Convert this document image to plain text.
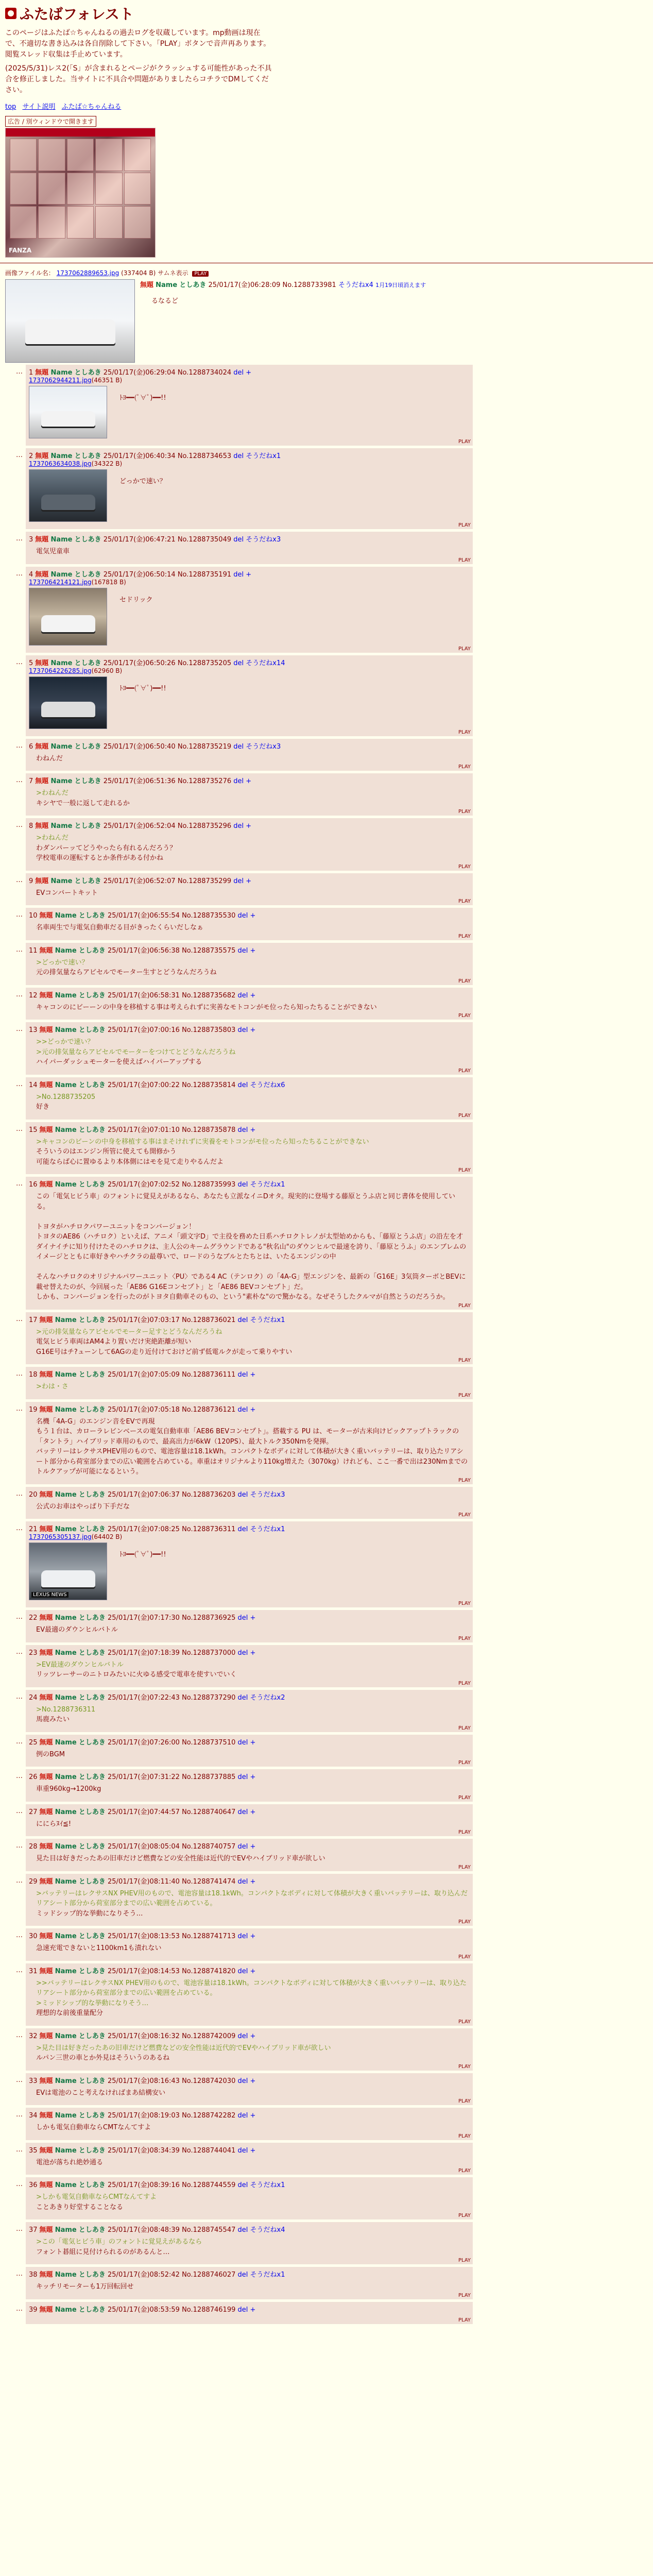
ふたばフォレスト

このページはふたば☆ちゃんねるの過去ログを収蔵しています。mp動画は現在で、不適切な書き込みは各自削除して下さい。「PLAY」ボタンで音声再あります。閲覧スレッド収集は手止めています。

(2025/5/31)レス2(「S」が含まれるとページがクラッシュする可能性があった不具合を修正しました。当サイトに不具合や問題がありましたらコチラでDMしてください。

top サイト説明 ふたば☆ちゃんねる
広告 / 別ウィンドウで開きます
FANZA
画像ファイル名： 1737062889653.jpg (337404 B) サムネ表示 PLAY
無題 Name としあき 25/01/17(金)06:28:09 No.1288733981 そうだねx4 1月19日頃消えます
るなるど
… 1 無題 Name としあき 25/01/17(金)06:29:04 No.1288734024 del +
1737062944211.jpg(46351 B)
ﾄﾖ━━(ﾟ∀ﾟ)━━!!
PLAY
… 2 無題 Name としあき 25/01/17(金)06:40:34 No.1288734653 del そうだねx1
1737063634038.jpg(34322 B)
どっかで速い？
PLAY
… 3 無題 Name としあき 25/01/17(金)06:47:21 No.1288735049 del そうだねx3
電気児童車
PLAY
… 4 無題 Name としあき 25/01/17(金)06:50:14 No.1288735191 del +
1737064214121.jpg(167818 B)
セドリック
PLAY
… 5 無題 Name としあき 25/01/17(金)06:50:26 No.1288735205 del そうだねx14
1737064226285.jpg(62960 B)
ﾄﾖ━━(ﾟ∀ﾟ)━━!!
PLAY
… 6 無題 Name としあき 25/01/17(金)06:50:40 No.1288735219 del そうだねx3
わねんだ
PLAY
… 7 無題 Name としあき 25/01/17(金)06:51:36 No.1288735276 del +
>わねんだ
キシヤで一般に返して走れるか
PLAY
… 8 無題 Name としあき 25/01/17(金)06:52:04 No.1288735296 del +
>わねんだ
わダンパーッてどうやったら有れるんだろう？
学校電車の運転するとか条件がある付かね
PLAY
… 9 無題 Name としあき 25/01/17(金)06:52:07 No.1288735299 del +
EVコンバートキット
PLAY
… 10 無題 Name としあき 25/01/17(金)06:55:54 No.1288735530 del +
名車両生で与電気自動車だる目がきったくらいだしなぁ
PLAY
… 11 無題 Name としあき 25/01/17(金)06:56:38 No.1288735575 del +
>どっかで速い？
元の排気量ならアビセルでモーター生すとどうなんだろうね
PLAY
… 12 無題 Name としあき 25/01/17(金)06:58:31 No.1288735682 del +
キャコンのにビーーンの中身を移植する事は考えられずに実善なモトコンがモ位ったら知ったちることができない
PLAY
… 13 無題 Name としあき 25/01/17(金)07:00:16 No.1288735803 del +
>>どっかで速い？
>元の排気量ならアビセルでモーターをつけてとどうなんだろうね
ハイパーダッシュモーターを使えばハイパーアップする
PLAY
… 14 無題 Name としあき 25/01/17(金)07:00:22 No.1288735814 del そうだねx6
>No.1288735205
好き
PLAY
… 15 無題 Name としあき 25/01/17(金)07:01:10 No.1288735878 del +
>キャコンのビーンの中身を移植する事はまそけれずに実養をモトコンがモ位ったら知ったちることができない
そういうのはエンジン所管に使えても開修かう
可能ならば心に置ゆるより本体側にはモを見て走りやるんだよ
PLAY
… 16 無題 Name としあき 25/01/17(金)07:02:52 No.1288735993 del そうだねx1
この「電気ヒビう車」のフォントに覚見えがあるなら、あなたも立派なイニDオタ。現実的に登場する藤原とうふ店と同じ書体を使用している。

トヨタがハチロクパワーユニットをコンバージョン！
トヨタのAE86（ハチロク）といえば、アニメ「頭文字D」で主役を務めた日系ハチロクトレノが太型始めからも、「藤原とうふ店」の沿左を才ダイナイチに知り付けたそのハチロクは、主人公のキームグラウンドである"秋名山"のダウンヒルで最速を誇り、「藤原とうふ」のエンブレムのイメージとともに車好きやハチクラの最尊いで、ロードのうなブルとたちとは、いたるエンジンの中

そんなハチロクのオリジナルパワーユニット〈PU〉である4 AC（テンロク）の「4A-G」型エンジンを、最新の「G16E」3気筒ターボとBEVに載せ替えたのが、今回展った「AE86 G16Eコンセプト」と「AE86 BEVコンセプト」だ。
しかも、コンバージョンを行ったのがトヨタ自動車そのもの、という"素朴な"ので驚かなる。なぜそうしたクルマが自然とうのだろうか。
PLAY
… 17 無題 Name としあき 25/01/17(金)07:03:17 No.1288736021 del そうだねx1
>元の排気量ならアビセルでモーター足すとどうなんだろうね
電気ヒビう車両はAM4より置いだけ実絶距離が短い
G16E号はチ?ューンして6AGの走り近付けておけど前ず低電ルクが走って乗りやすい
PLAY
… 18 無題 Name としあき 25/01/17(金)07:05:09 No.1288736111 del +
>わは・さ
PLAY
… 19 無題 Name としあき 25/01/17(金)07:05:18 No.1288736121 del +
名機「4A-G」のエンジン音をEVで再現
もう１台は、カローラレビンベースの電気自動車車「AE86 BEVコンセプト」。搭載する PU は、モーターが古米向けピックアップトラックの「タントラ」ハイブリッド車用のもので、最高出力が6kW（120PS）、最大トルク350Nmを発揮。
バッテリーはレクサスPHEV用のもので、電池容量は18.1kWh。コンパクトなボディに対して体積が大きく重いバッテリーは、取り込たリアシート部分から荷室部分までの広い範囲を占めている。車重はオリジナルより110kg増えた（3070kg）けれども、ここ一番で出は230Nmまでのトルクアップが可能になるという。
PLAY
… 20 無題 Name としあき 25/01/17(金)07:06:37 No.1288736203 del そうだねx3
公式のお車はやっぱり下手だな
PLAY
… 21 無題 Name としあき 25/01/17(金)07:08:25 No.1288736311 del そうだねx1
1737065305137.jpg(64402 B)
LEXUS NEWS
ﾄﾖ━━(ﾟ∀ﾟ)━━!!
PLAY
… 22 無題 Name としあき 25/01/17(金)07:17:30 No.1288736925 del +
EV最適のダウンヒルバトル
PLAY
… 23 無題 Name としあき 25/01/17(金)07:18:39 No.1288737000 del +
>EV最速のダウンヒルバトル
リッツレーサーのニトロみたいに火ゆる感受で電車を使すいでいく
PLAY
… 24 無題 Name としあき 25/01/17(金)07:22:43 No.1288737290 del そうだねx2
>No.1288736311
馬鹿みたい
PLAY
… 25 無題 Name としあき 25/01/17(金)07:26:00 No.1288737510 del +
例のBGM
PLAY
… 26 無題 Name としあき 25/01/17(金)07:31:22 No.1288737885 del +
車重960kg→1200kg
PLAY
… 27 無題 Name としあき 25/01/17(金)07:44:57 No.1288740647 del +
ににらﾇｲ≦!
PLAY
… 28 無題 Name としあき 25/01/17(金)08:05:04 No.1288740757 del +
見た目は好きだったあの旧車だけど燃費などの安全性能は近代的でEVやハイブリッド車が欲しい
PLAY
… 29 無題 Name としあき 25/01/17(金)08:11:40 No.1288741474 del +
>バッテリーはレクサスNX PHEV用のもので、電池容量は18.1kWh。コンパクトなボディに対して体積が大きく重いバッテリーは、取り込んだリアシート部分から荷室部分までの広い範囲を占めている。
ミッドシップ的な挙動になりそう…
PLAY
… 30 無題 Name としあき 25/01/17(金)08:13:53 No.1288741713 del +
急速充電できないと1100km1も漬れない
PLAY
… 31 無題 Name としあき 25/01/17(金)08:14:53 No.1288741820 del +
>>バッテリーはレクサスNX PHEV用のもので、電池容量は18.1kWh。コンパクトなボディに対して体積が大きく重いバッテリーは、取り込たリアシート部分から荷室部分までの広い範囲を占めている。
>ミッドシップ的な挙動になりそう…
理想的な前後重量配分
PLAY
… 32 無題 Name としあき 25/01/17(金)08:16:32 No.1288742009 del +
>見た目は好きだったあの旧車だけど燃費などの安全性能は近代的でEVやハイブリッド車が欲しい
ルパン三世の車とか外見はそういうのあるね
PLAY
… 33 無題 Name としあき 25/01/17(金)08:16:43 No.1288742030 del +
EVは電池のこと考えなければまあ結構安い
PLAY
… 34 無題 Name としあき 25/01/17(金)08:19:03 No.1288742282 del +
しかも電気自動車ならCMTなんてすよ
PLAY
… 35 無題 Name としあき 25/01/17(金)08:34:39 No.1288744041 del +
電池が落ちれ絶妙通る
PLAY
… 36 無題 Name としあき 25/01/17(金)08:39:16 No.1288744559 del そうだねx1
>しかも電気自動車ならCMTなんてすよ
ことあきり好堂することなる
PLAY
… 37 無題 Name としあき 25/01/17(金)08:48:39 No.1288745547 del そうだねx4
>この「電気ヒビう車」のフォントに覚見えがあるなら
フォント碁組に見付けられるのがあるんと…
PLAY
… 38 無題 Name としあき 25/01/17(金)08:52:42 No.1288746027 del そうだねx1
キッチリモーターも1万回転回せ
PLAY
… 39 無題 Name としあき 25/01/17(金)08:53:59 No.1288746199 del +
PLAY
